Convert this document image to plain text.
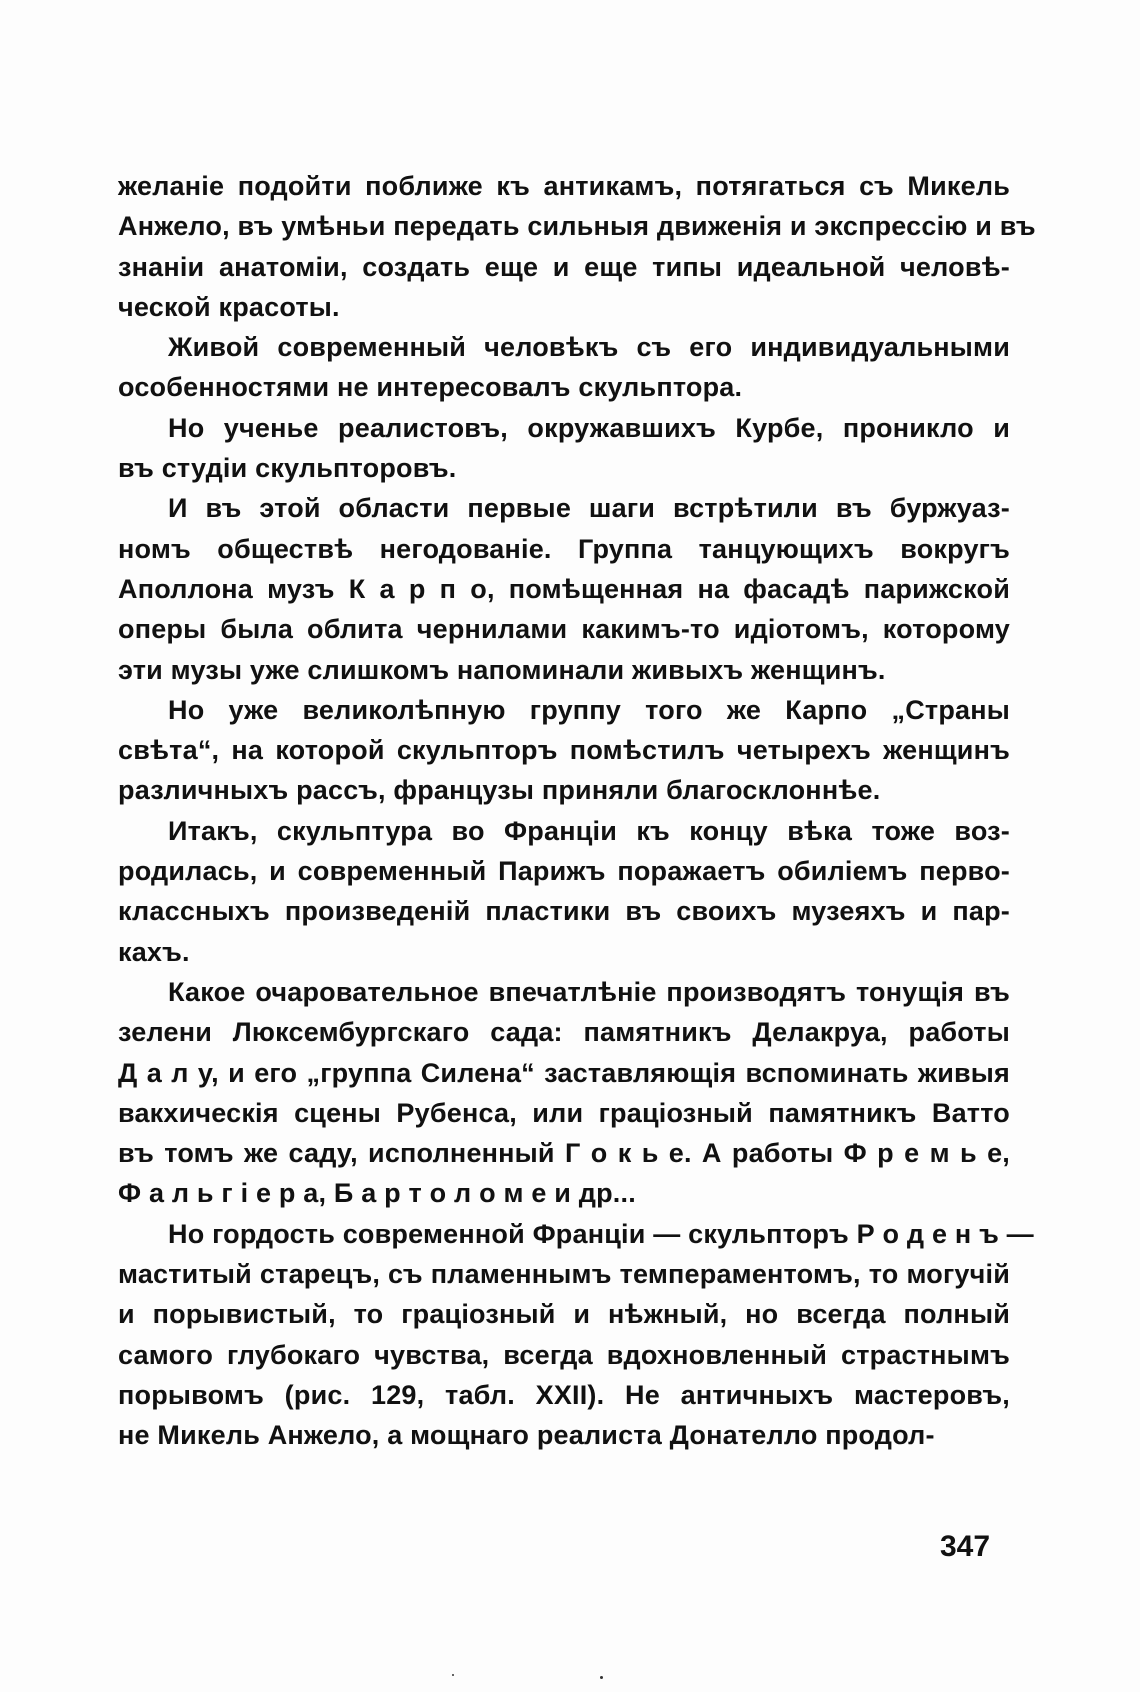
желаніе подойти поближе къ антикамъ, потягаться съ Микель
Анжело, въ умѣньи передать сильныя движенія и экспрессію и въ
знаніи анатоміи, создать еще и еще типы идеальной человѣ-
ческой красоты.

Живой современный человѣкъ съ его индивидуальными
особенностями не интересовалъ скульптора.

Но ученье реалистовъ, окружавшихъ Курбе, проникло и
въ студіи скульпторовъ.

И въ этой области первые шаги встрѣтили въ буржуаз-
номъ обществѣ негодованіе. Группа танцующихъ вокругъ
Аполлона музъ К а р п о, помѣщенная на фасадѣ парижской
оперы была облита чернилами какимъ-то идіотомъ, которому
эти музы уже слишкомъ напоминали живыхъ женщинъ.

Но уже великолѣпную группу того же Карпо „Страны
свѣта“, на которой скульпторъ помѣстилъ четырехъ женщинъ
различныхъ рассъ, французы приняли благосклоннѣе.

Итакъ, скульптура во Франціи къ концу вѣка тоже воз-
родилась, и современный Парижъ поражаетъ обиліемъ перво-
классныхъ произведеній пластики въ своихъ музеяхъ и пар-
кахъ.

Какое очаровательное впечатлѣніе производятъ тонущія въ
зелени Люксембургскаго сада: памятникъ Делакруа, работы
Д а л у, и его „группа Силена“ заставляющія вспоминать живыя
вакхическія сцены Рубенса, или граціозный памятникъ Ватто
въ томъ же саду, исполненный Г о к ь е. А работы Ф р е м ь е,
Ф а л ь г і е р а, Б а р т о л о м е и др...

Но гордость современной Франціи — скульпторъ Р о д е н ъ —
маститый старецъ, съ пламеннымъ темпераментомъ, то могучій
и порывистый, то граціозный и нѣжный, но всегда полный
самого глубокаго чувства, всегда вдохновленный страстнымъ
порывомъ (рис. 129, табл. XXII). Не античныхъ мастеровъ,
не Микель Анжело, а мощнаго реалиста Донателло продол-

347
